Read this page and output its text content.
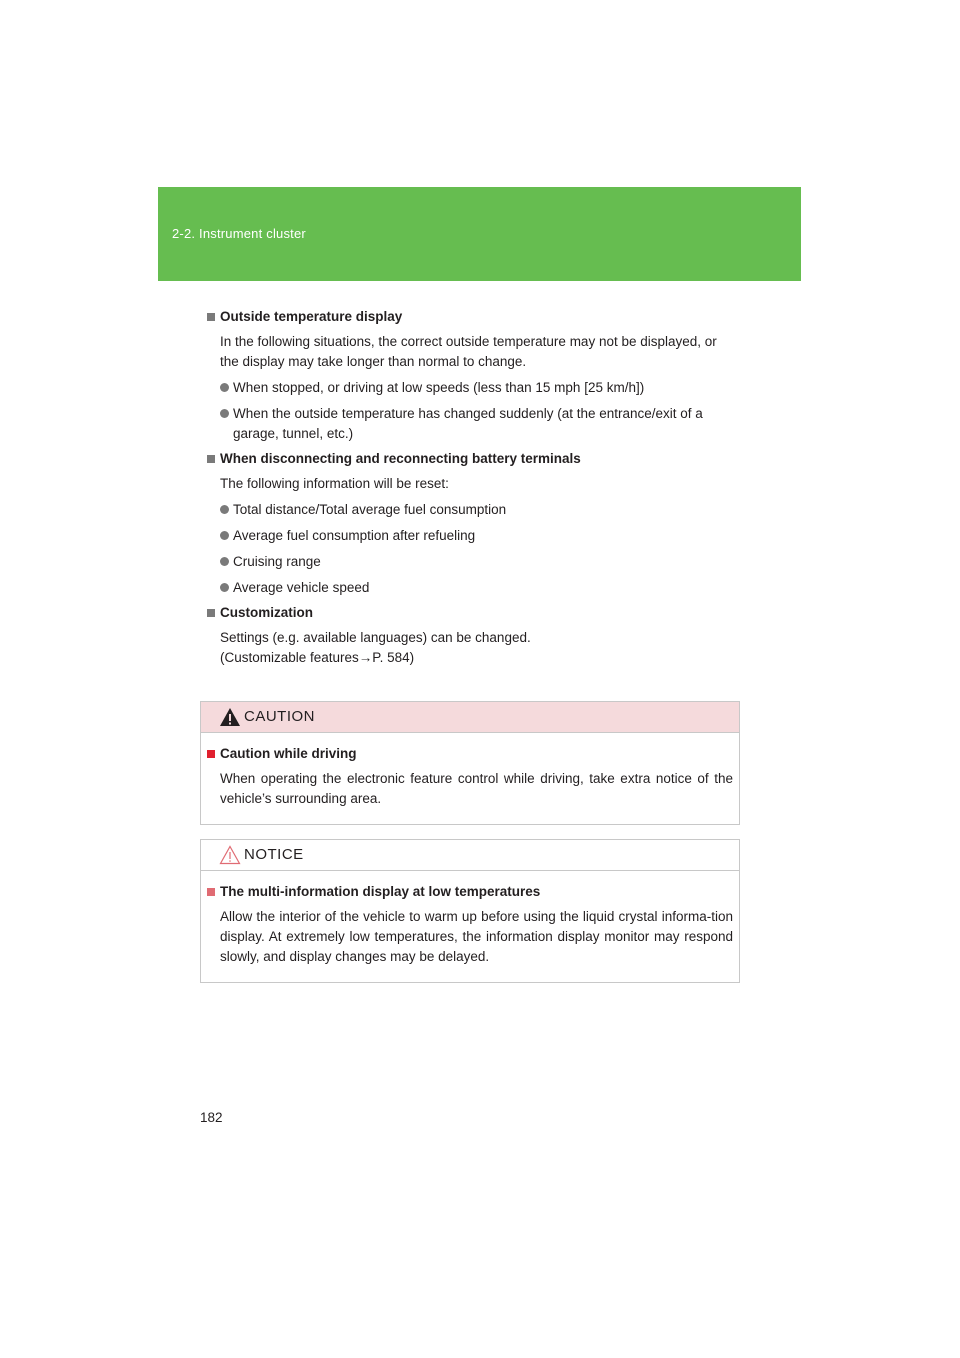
2-2. Instrument cluster
Outside temperature display
In the following situations, the correct outside temperature may not be displayed, or the display may take longer than normal to change.
When stopped, or driving at low speeds (less than 15 mph [25 km/h])
When the outside temperature has changed suddenly (at the entrance/exit of a garage, tunnel, etc.)
When disconnecting and reconnecting battery terminals
The following information will be reset:
Total distance/Total average fuel consumption
Average fuel consumption after refueling
Cruising range
Average vehicle speed
Customization
Settings (e.g. available languages) can be changed.
(Customizable features→P. 584)
CAUTION
Caution while driving
When operating the electronic feature control while driving, take extra notice of the vehicle’s surrounding area.
NOTICE
The multi-information display at low temperatures
Allow the interior of the vehicle to warm up before using the liquid crystal informa-tion display. At extremely low temperatures, the information display monitor may respond slowly, and display changes may be delayed.
182
